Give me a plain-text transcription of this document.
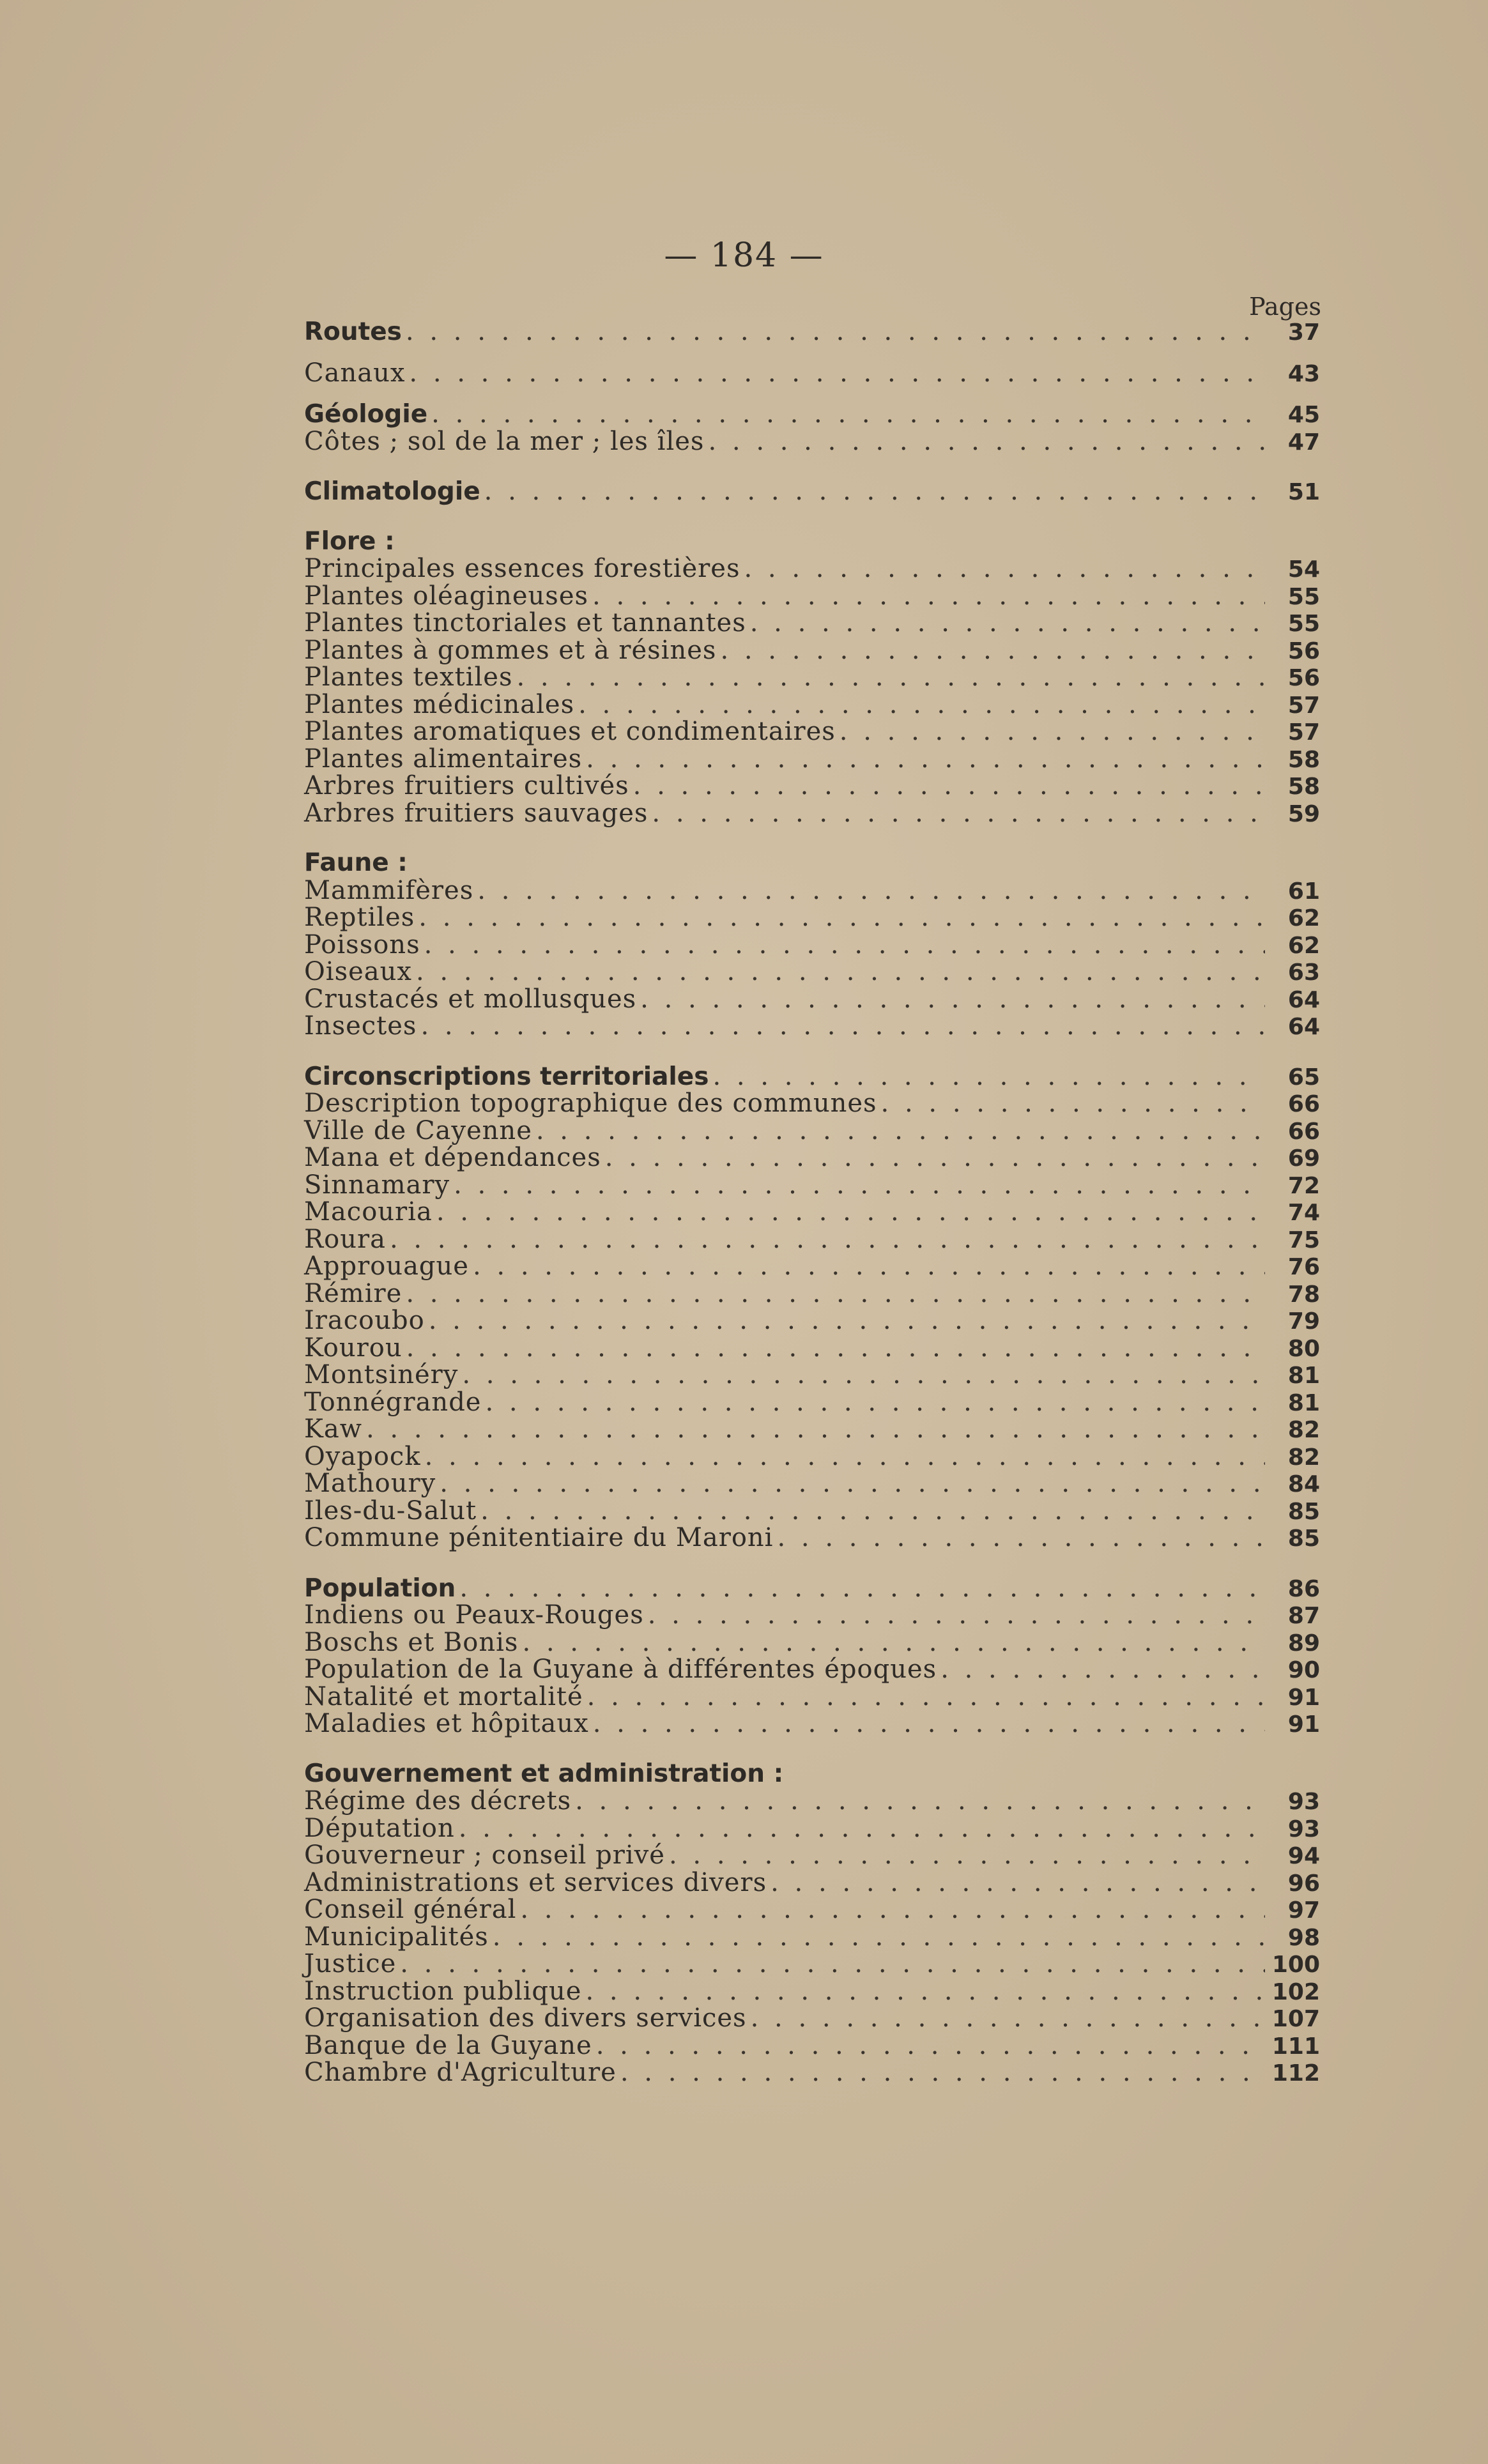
— 184 —
Pages
Routes . . .	37
Canaux . . .	43
Géologie . . .	45
Côtes ; sol de la mer ; les îles . . .	47
Climatologie . . .	51
Flore :
Principales essences forestières . . .	54
Plantes oléagineuses . . .	55
Plantes tinctoriales et tannantes . . .	55
Plantes à gommes et à résines . . .	56
Plantes textiles . . .	56
Plantes médicinales . . .	57
Plantes aromatiques et condimentaires . . .	57
Plantes alimentaires . . .	58
Arbres fruitiers cultivés . . .	58
Arbres fruitiers sauvages . . .	59
Faune :
Mammifères . . .	61
Reptiles . . .	62
Poissons . . .	62
Oiseaux . . .	63
Crustacés et mollusques . . .	64
Insectes . . .	64
Circonscriptions territoriales . . .	65
Description topographique des communes . . .	66
Ville de Cayenne . . .	66
Mana et dépendances . . .	69
Sinnamary . . .	72
Macouria . . .	74
Roura . . .	75
Approuague . . .	76
Rémire . . .	78
Iracoubo . . .	79
Kourou . . .	80
Montsinéry . . .	81
Tonnégrande . . .	81
Kaw . . .	82
Oyapock . . .	82
Mathoury . . .	84
Iles-du-Salut . . .	85
Commune pénitentiaire du Maroni . . .	85
Population . . .	86
Indiens ou Peaux-Rouges . . .	87
Boschs et Bonis . . .	89
Population de la Guyane à différentes époques . . .	90
Natalité et mortalité . . .	91
Maladies et hôpitaux . . .	91
Gouvernement et administration :
Régime des décrets . . .	93
Députation . . .	93
Gouverneur ; conseil privé . . .	94
Administrations et services divers . . .	96
Conseil général . . .	97
Municipalités . . .	98
Justice . . .	100
Instruction publique . . .	102
Organisation des divers services . . .	107
Banque de la Guyane . . .	111
Chambre d'Agriculture . . .	112
